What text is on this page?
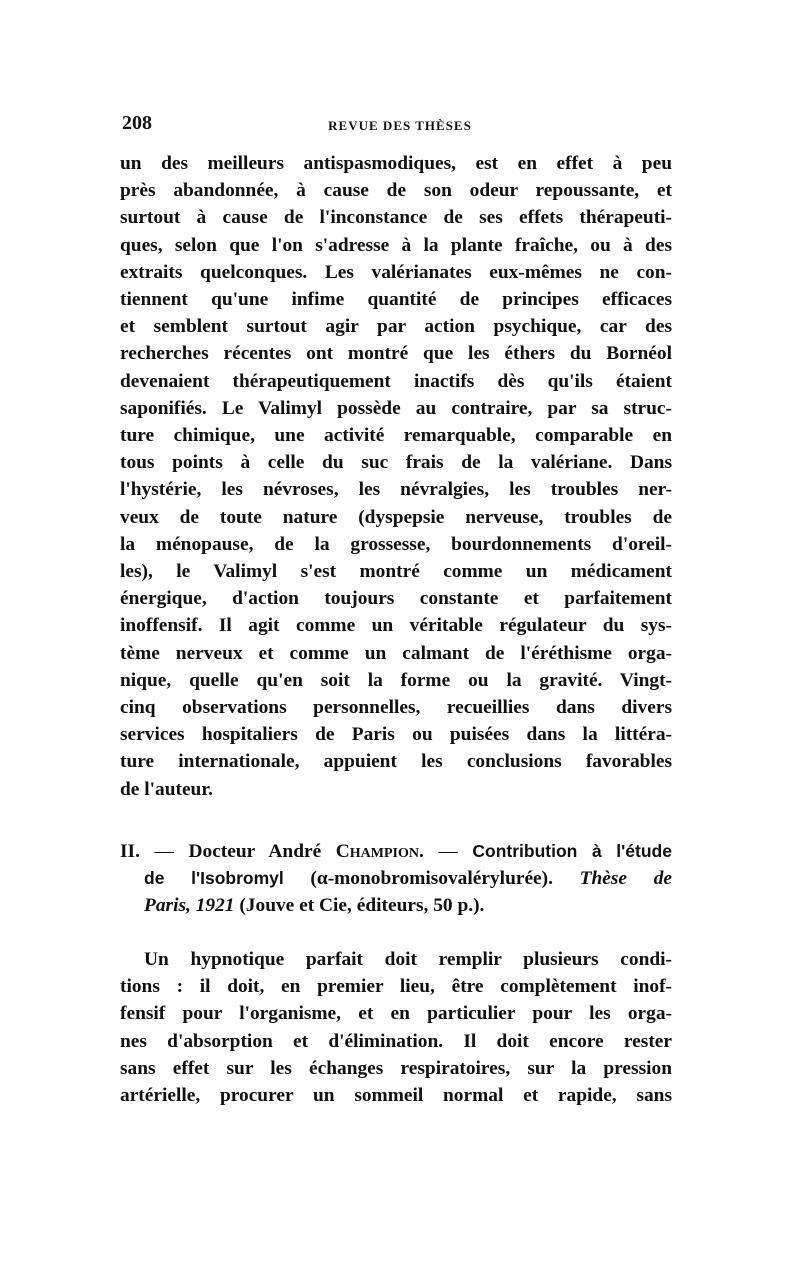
208	REVUE DES THÈSES
un des meilleurs antispasmodiques, est en effet à peu
près abandonnée, à cause de son odeur repoussante, et
surtout à cause de l'inconstance de ses effets thérapeuti-
ques, selon que l'on s'adresse à la plante fraîche, ou à des
extraits quelconques. Les valérianates eux-mêmes ne con-
tiennent qu'une infime quantité de principes efficaces
et semblent surtout agir par action psychique, car des
recherches récentes ont montré que les éthers du Bornéol
devenaient thérapeutiquement inactifs dès qu'ils étaient
saponifiés. Le Valimyl possède au contraire, par sa struc-
ture chimique, une activité remarquable, comparable en
tous points à celle du suc frais de la valériane. Dans
l'hystérie, les névroses, les névralgies, les troubles ner-
veux de toute nature (dyspepsie nerveuse, troubles de
la ménopause, de la grossesse, bourdonnements d'oreil-
les), le Valimyl s'est montré comme un médicament
énergique, d'action toujours constante et parfaitement
inoffensif. Il agit comme un véritable régulateur du sys-
tème nerveux et comme un calmant de l'éréthisme orga-
nique, quelle qu'en soit la forme ou la gravité. Vingt-
cinq observations personnelles, recueillies dans divers
services hospitaliers de Paris ou puisées dans la littéra-
ture internationale, appuient les conclusions favorables
de l'auteur.
II. — Docteur André Champion. — Contribution à l'étude
de l'Isobromyl (α-monobromisovalérylurée). Thèse de
Paris, 1921 (Jouve et Cie, éditeurs, 50 p.).
Un hypnotique parfait doit remplir plusieurs condi-
tions : il doit, en premier lieu, être complètement inof-
fensif pour l'organisme, et en particulier pour les orga-
nes d'absorption et d'élimination. Il doit encore rester
sans effet sur les échanges respiratoires, sur la pression
artérielle, procurer un sommeil normal et rapide, sans
